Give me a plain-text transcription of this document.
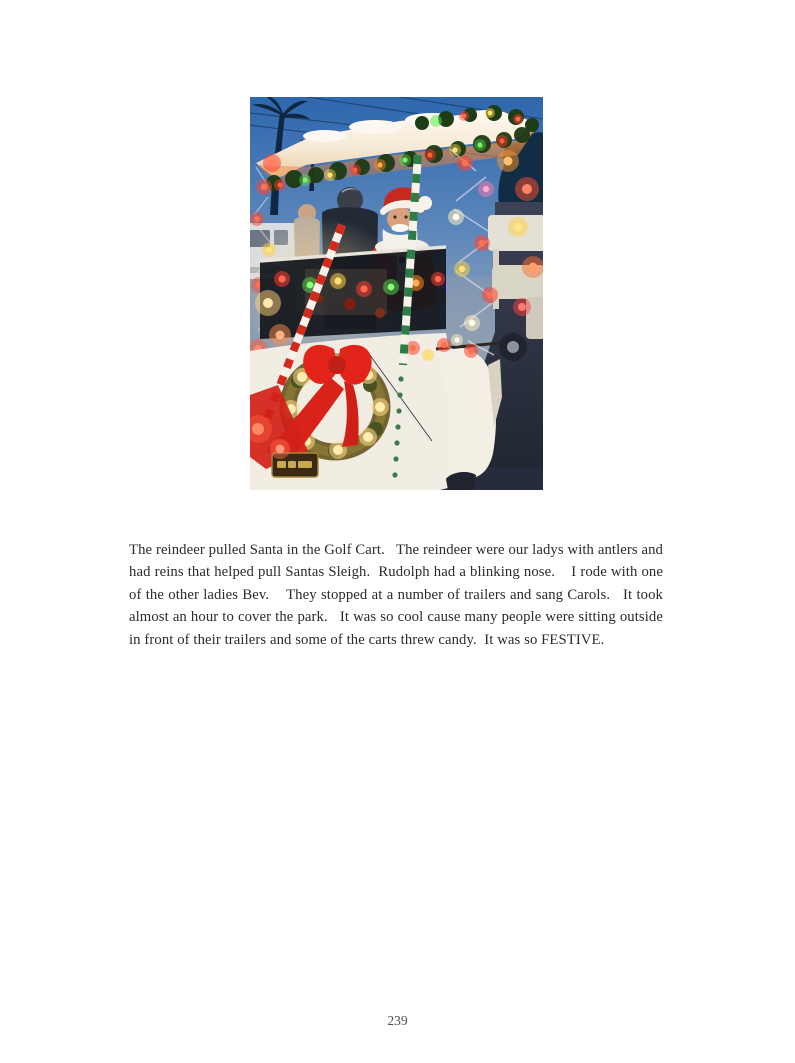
The reindeer pulled Santa in the Golf Cart.   The reindeer were our ladys with antlers and had reins that helped pull Santas Sleigh.  Rudolph had a blinking nose.    I rode with one of the other ladies Bev.    They stopped at a number of trailers and sang Carols.   It took almost an hour to cover the park.   It was so cool cause many people were sitting outside in front of their trailers and some of the carts threw candy.  It was so FESTIVE.

239
